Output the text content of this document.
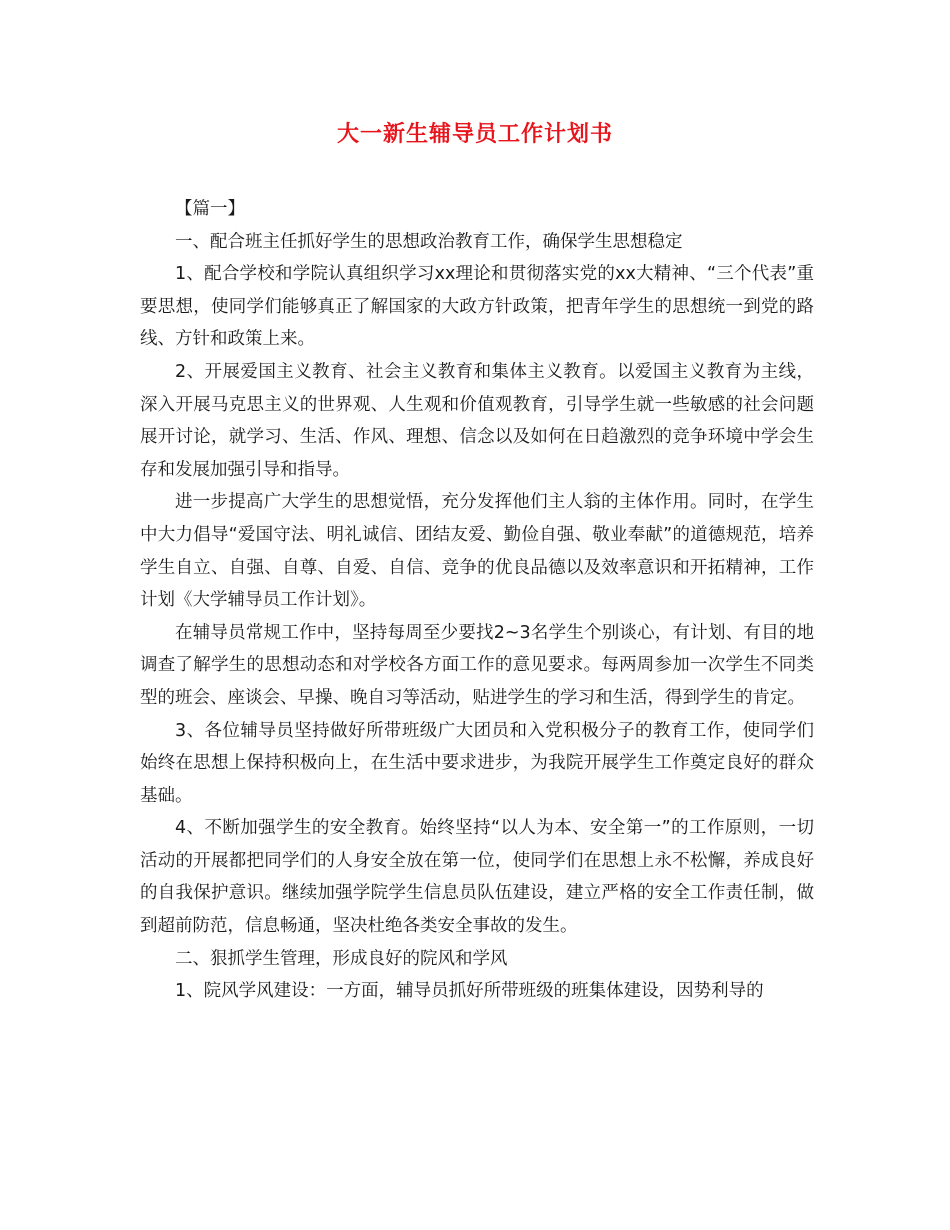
大一新生辅导员工作计划书

【篇一】

一、配合班主任抓好学生的思想政治教育工作，确保学生思想稳定

1、配合学校和学院认真组织学习xx理论和贯彻落实党的xx大精神、“三个代表”重要思想，使同学们能够真正了解国家的大政方针政策，把青年学生的思想统一到党的路线、方针和政策上来。

2、开展爱国主义教育、社会主义教育和集体主义教育。以爱国主义教育为主线，深入开展马克思主义的世界观、人生观和价值观教育，引导学生就一些敏感的社会问题展开讨论，就学习、生活、作风、理想、信念以及如何在日趋激烈的竞争环境中学会生存和发展加强引导和指导。

进一步提高广大学生的思想觉悟，充分发挥他们主人翁的主体作用。同时，在学生中大力倡导“爱国守法、明礼诚信、团结友爱、勤俭自强、敬业奉献”的道德规范，培养学生自立、自强、自尊、自爱、自信、竞争的优良品德以及效率意识和开拓精神，工作计划《大学辅导员工作计划》。

在辅导员常规工作中，坚持每周至少要找2~3名学生个别谈心，有计划、有目的地调查了解学生的思想动态和对学校各方面工作的意见要求。每两周参加一次学生不同类型的班会、座谈会、早操、晚自习等活动，贴进学生的学习和生活，得到学生的肯定。

3、各位辅导员坚持做好所带班级广大团员和入党积极分子的教育工作，使同学们始终在思想上保持积极向上，在生活中要求进步，为我院开展学生工作奠定良好的群众基础。

4、不断加强学生的安全教育。始终坚持“以人为本、安全第一”的工作原则，一切活动的开展都把同学们的人身安全放在第一位，使同学们在思想上永不松懈，养成良好的自我保护意识。继续加强学院学生信息员队伍建设，建立严格的安全工作责任制，做到超前防范，信息畅通，坚决杜绝各类安全事故的发生。

二、狠抓学生管理，形成良好的院风和学风

1、院风学风建设：一方面，辅导员抓好所带班级的班集体建设，因势利导的
